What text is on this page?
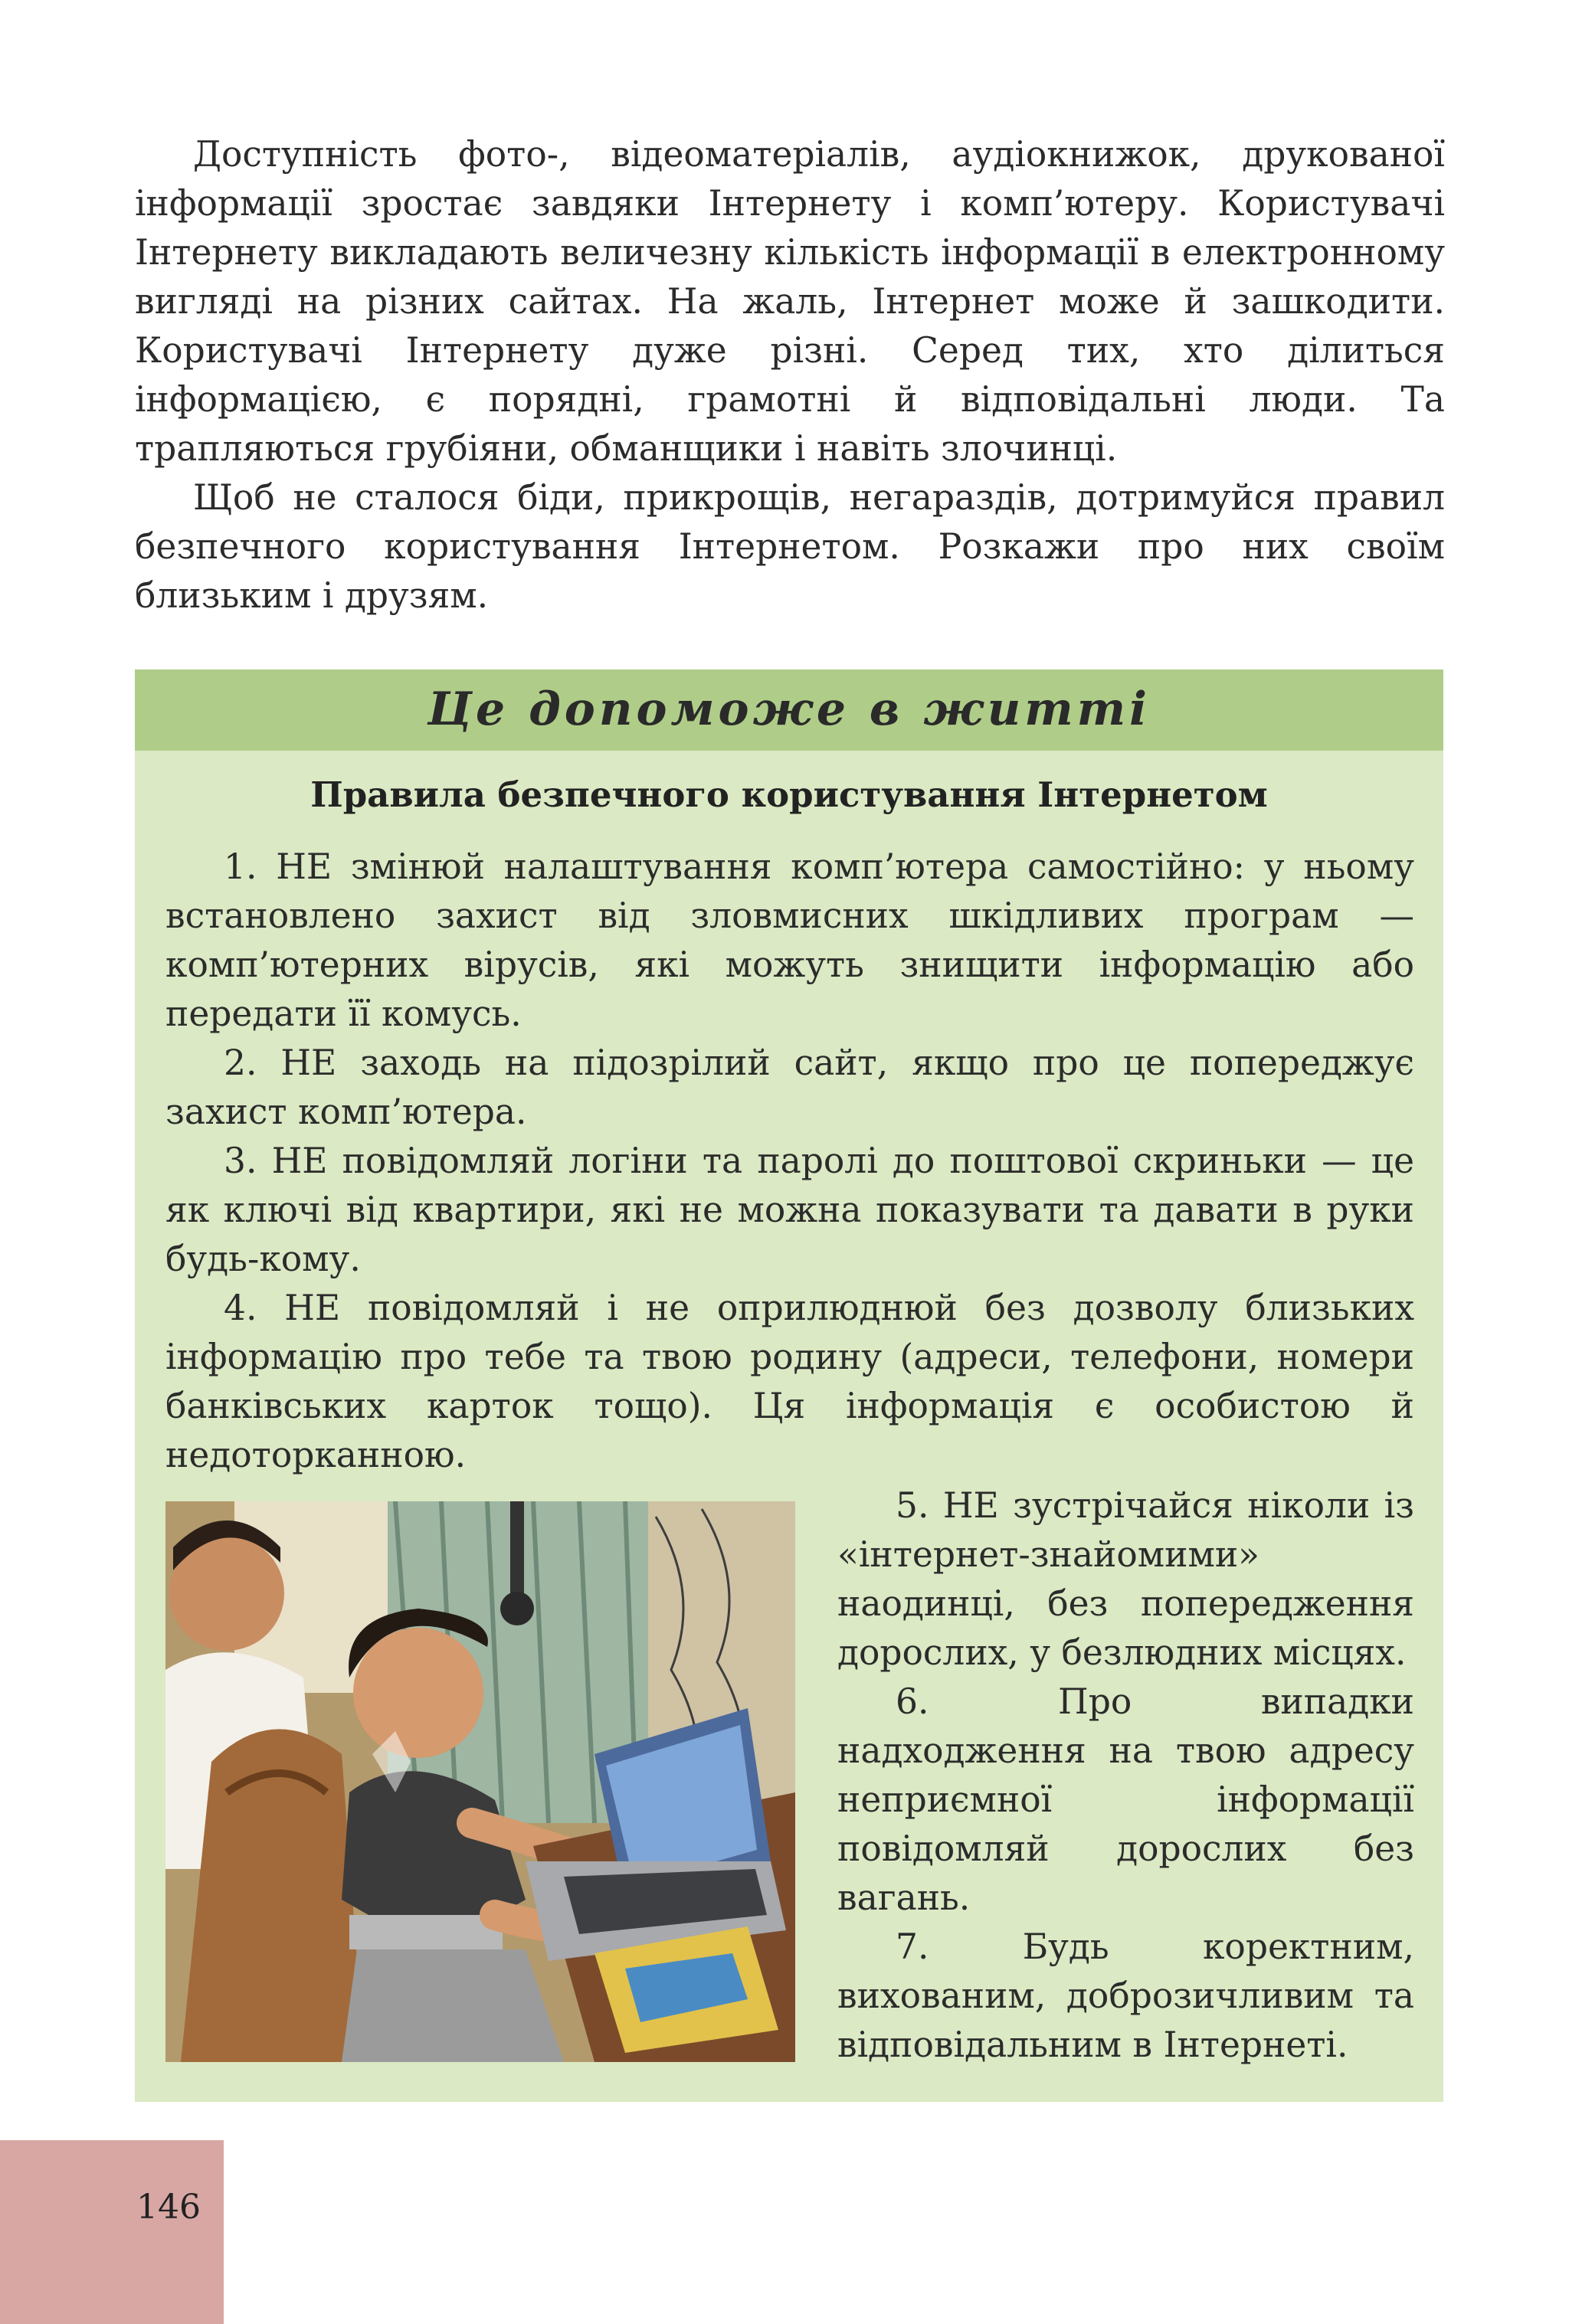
Доступність фото-, відеоматеріалів, аудіокнижок, друкованої інформації зростає завдяки Інтернету і комп’ютеру. Користувачі Інтернету викладають величезну кількість інформації в електронному вигляді на різних сайтах. На жаль, Інтернет може й зашкодити. Користувачі Інтернету дуже різні. Серед тих, хто ділиться інформацією, є порядні, грамотні й відповідальні люди. Та трапляються грубіяни, обманщики і навіть злочинці.

Щоб не сталося біди, прикрощів, негараздів, дотримуйся правил безпечного користування Інтернетом. Розкажи про них своїм близьким і друзям.

Це допоможе в житті
Правила безпечного користування Інтернетом

1. НЕ змінюй налаштування комп’ютера самостійно: у ньому встановлено захист від зловмисних шкідливих програм — комп’ютерних вірусів, які можуть знищити інформацію або передати її комусь.

2. НЕ заходь на підозрілий сайт, якщо про це попереджує захист комп’ютера.

3. НЕ повідомляй логіни та паролі до поштової скриньки — це як ключі від квартири, які не можна показувати та давати в руки будь-кому.

4. НЕ повідомляй і не оприлюднюй без дозволу близьких інформацію про тебе та твою родину (адреси, телефони, номери банківських карток тощо). Ця інформація є особистою й недоторканною.

5. НЕ зустрічайся ніколи із «інтернет-знайомими» наодинці, без попередження дорослих, у безлюдних місцях.

6. Про випадки надходження на твою адресу неприємної інформації повідомляй дорослих без вагань.

7. Будь коректним, вихованим, доброзичливим та відповідальним в Інтернеті.

146
